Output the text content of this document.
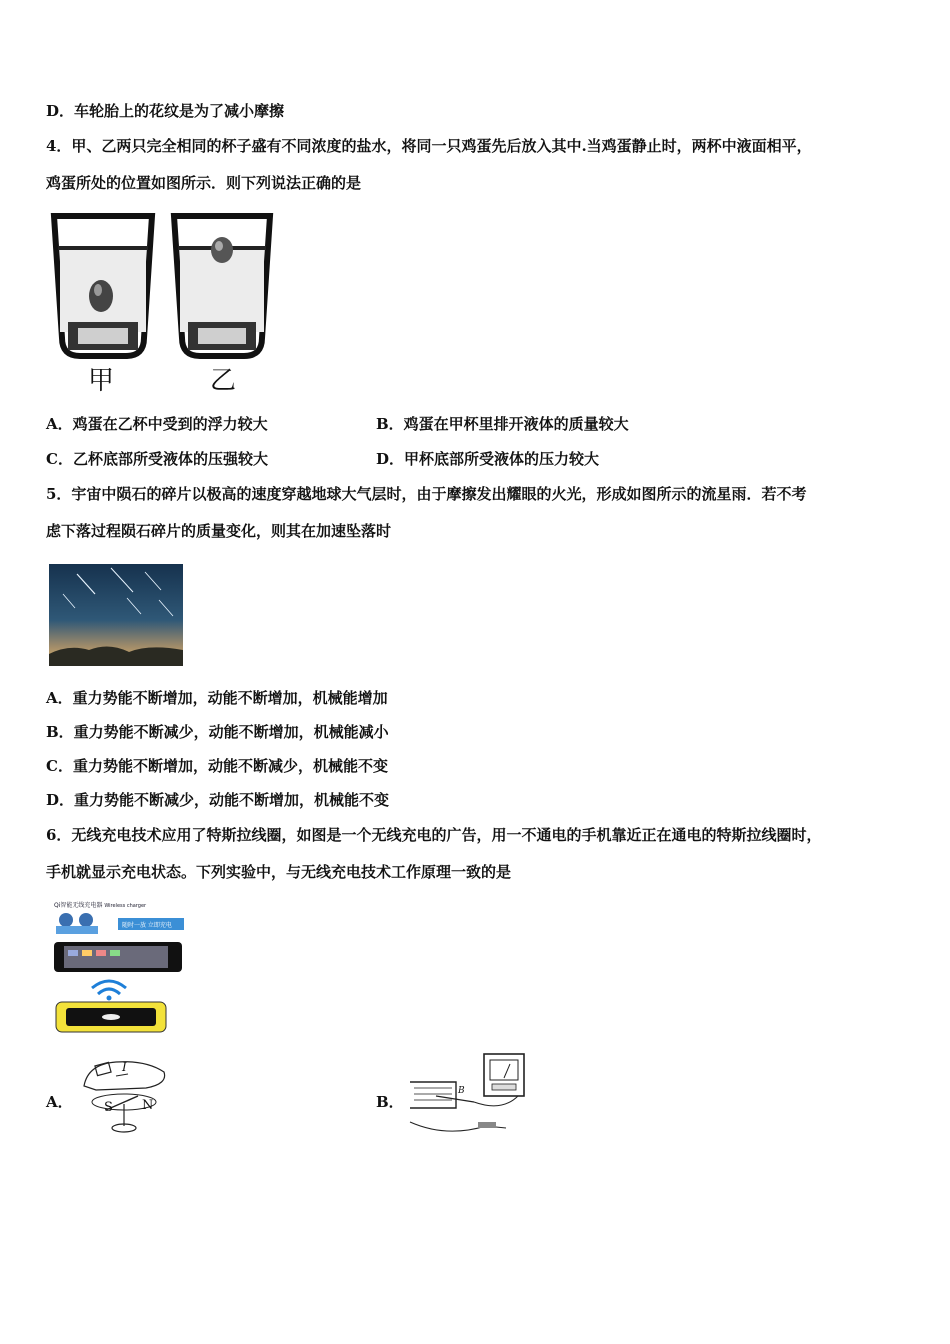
D．车轮胎上的花纹是为了减小摩擦
4．甲、乙两只完全相同的杯子盛有不同浓度的盐水，将同一只鸡蛋先后放入其中.当鸡蛋静止时，两杯中液面相平，
鸡蛋所处的位置如图所示．则下列说法正确的是
甲	乙
A．鸡蛋在乙杯中受到的浮力较大	B．鸡蛋在甲杯里排开液体的质量较大
C．乙杯底部所受液体的压强较大	D．甲杯底部所受液体的压力较大
5．宇宙中陨石的碎片以极高的速度穿越地球大气层时，由于摩擦发出耀眼的火光，形成如图所示的流星雨．若不考
虑下落过程陨石碎片的质量变化，则其在加速坠落时
A．重力势能不断增加，动能不断增加，机械能增加
B．重力势能不断减少，动能不断增加，机械能减小
C．重力势能不断增加，动能不断减少，机械能不变
D．重力势能不断减少，动能不断增加，机械能不变
6．无线充电技术应用了特斯拉线圈，如图是一个无线充电的广告，用一不通电的手机靠近正在通电的特斯拉线圈时，
手机就显示充电状态。下列实验中，与无线充电技术工作原理一致的是
Qi智能无线充电器 Wireless charger
随时一放 立即充电
A．
I
S N	B．
B
